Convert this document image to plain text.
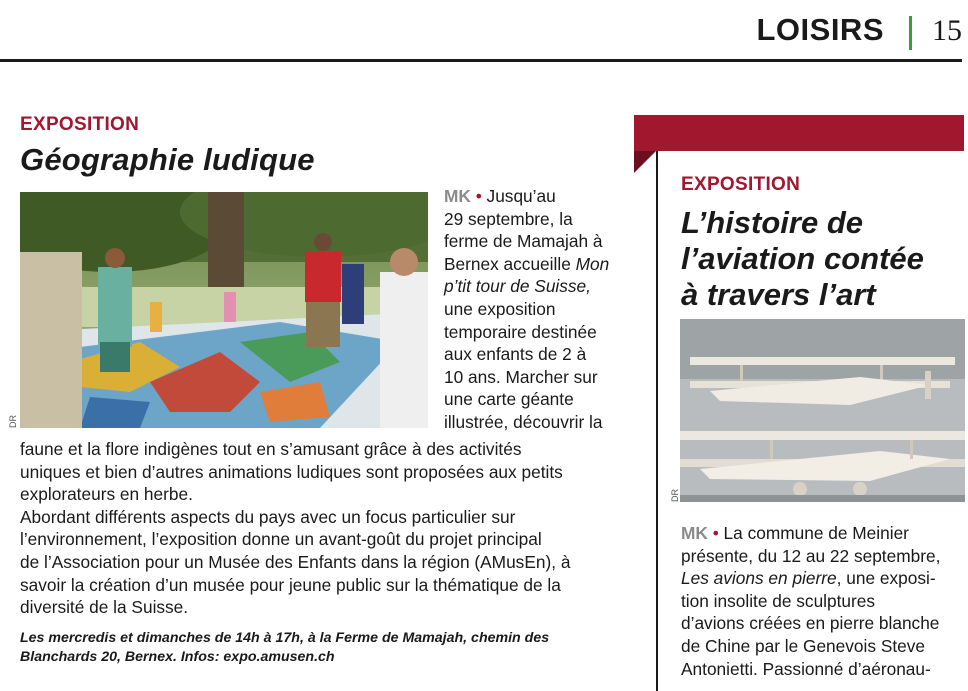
LOISIRS 15
EXPOSITION
Géographie ludique
DR
MK • Jusqu’au
29 septembre, la
ferme de Mamajah à
Bernex accueille Mon
p’tit tour de Suisse,
une exposition
temporaire destinée
aux enfants de 2 à
10 ans. Marcher sur
une carte géante
illustrée, découvrir la
faune et la flore indigènes tout en s’amusant grâce à des activités
uniques et bien d’autres animations ludiques sont proposées aux petits
explorateurs en herbe.
Abordant différents aspects du pays avec un focus particulier sur
l’environnement, l’exposition donne un avant-goût du projet principal
de l’Association pour un Musée des Enfants dans la région (AMusEn), à
savoir la création d’un musée pour jeune public sur la thématique de la
diversité de la Suisse.
Les mercredis et dimanches de 14h à 17h, à la Ferme de Mamajah, chemin des
Blanchards 20, Bernex. Infos: expo.amusen.ch
EXPOSITION
L’histoire de
l’aviation contée
à travers l’art
DR
MK • La commune de Meinier
présente, du 12 au 22 septembre,
Les avions en pierre, une exposi-
tion insolite de sculptures
d’avions créées en pierre blanche
de Chine par le Genevois Steve
Antonietti. Passionné d’aéronau-
